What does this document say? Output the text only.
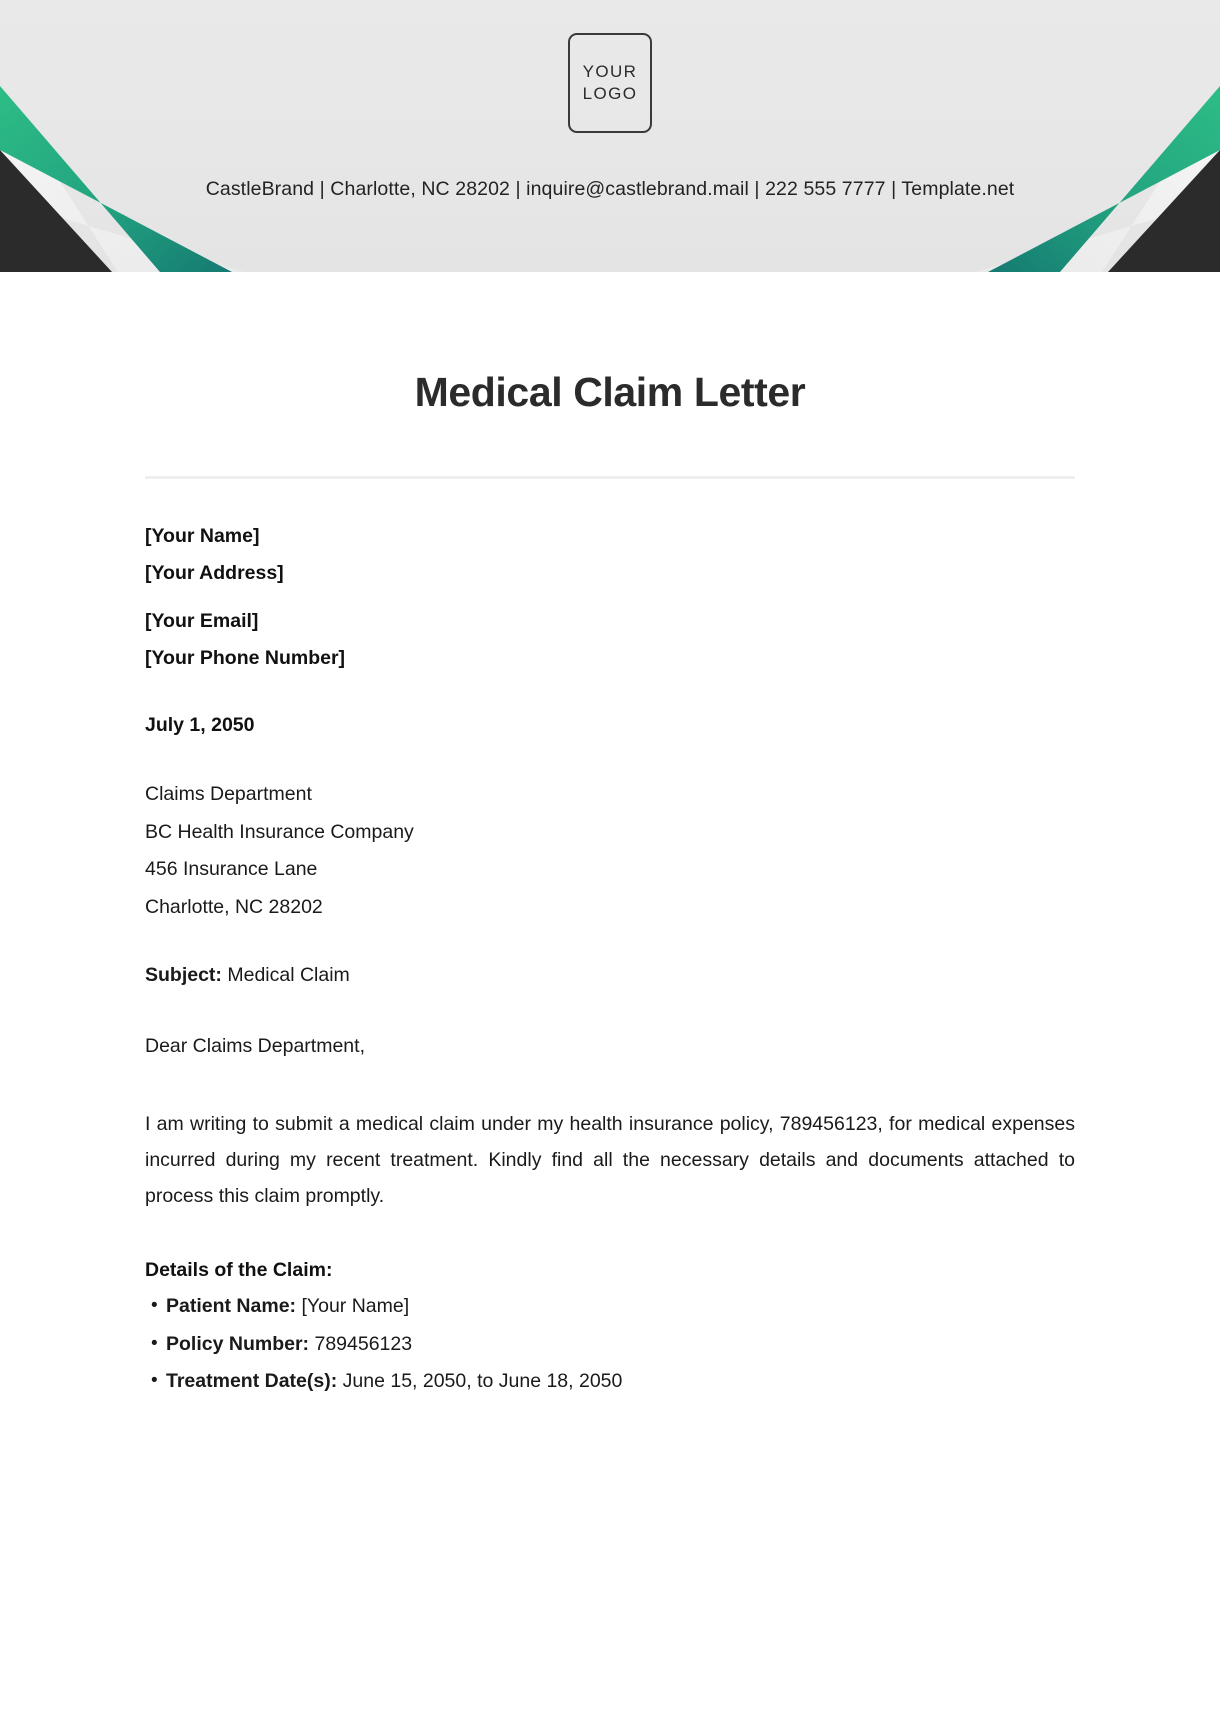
YOUR
LOGO
CastleBrand | Charlotte, NC 28202 | inquire@castlebrand.mail | 222 555 7777 | Template.net
Medical Claim Letter
[Your Name]
[Your Address]
[Your Email]
[Your Phone Number]
July 1, 2050
Claims Department
BC Health Insurance Company
456 Insurance Lane
Charlotte, NC 28202
Subject: Medical Claim
Dear Claims Department,
I am writing to submit a medical claim under my health insurance policy, 789456123, for medical expenses incurred during my recent treatment. Kindly find all the necessary details and documents attached to process this claim promptly.
Details of the Claim:
• Patient Name: [Your Name]
• Policy Number: 789456123
• Treatment Date(s): June 15, 2050, to June 18, 2050
